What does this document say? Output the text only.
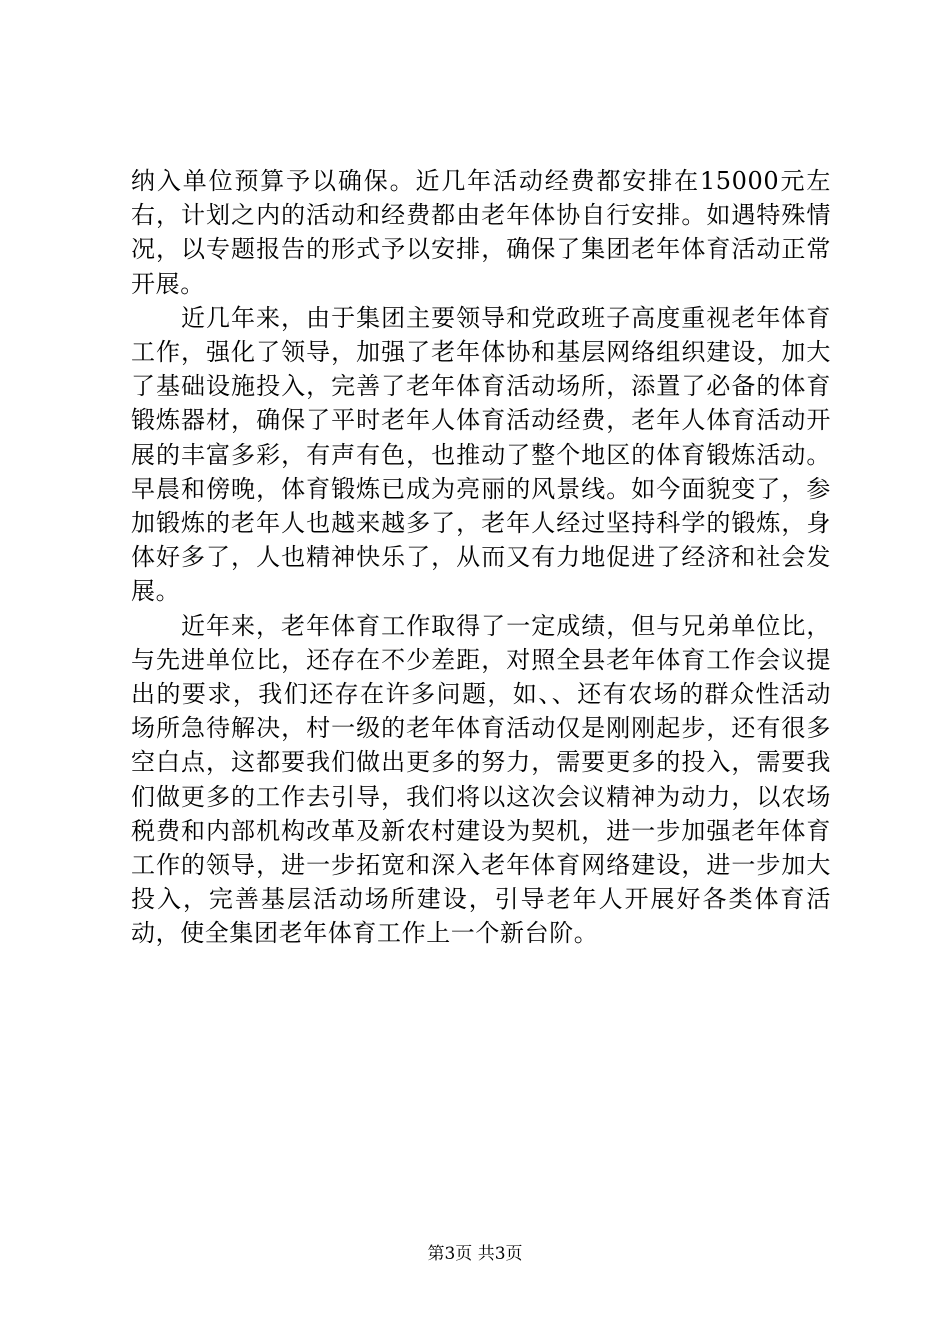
纳入单位预算予以确保。近几年活动经费都安排在15000元左右，计划之内的活动和经费都由老年体协自行安排。如遇特殊情况，以专题报告的形式予以安排，确保了集团老年体育活动正常开展。

近几年来，由于集团主要领导和党政班子高度重视老年体育工作，强化了领导，加强了老年体协和基层网络组织建设，加大了基础设施投入，完善了老年体育活动场所，添置了必备的体育锻炼器材，确保了平时老年人体育活动经费，老年人体育活动开展的丰富多彩，有声有色，也推动了整个地区的体育锻炼活动。早晨和傍晚，体育锻炼已成为亮丽的风景线。如今面貌变了，参加锻炼的老年人也越来越多了，老年人经过坚持科学的锻炼，身体好多了，人也精神快乐了，从而又有力地促进了经济和社会发展。

近年来，老年体育工作取得了一定成绩，但与兄弟单位比，与先进单位比，还存在不少差距，对照全县老年体育工作会议提出的要求，我们还存在许多问题，如、、还有农场的群众性活动场所急待解决，村一级的老年体育活动仅是刚刚起步，还有很多空白点，这都要我们做出更多的努力，需要更多的投入，需要我们做更多的工作去引导，我们将以这次会议精神为动力，以农场税费和内部机构改革及新农村建设为契机，进一步加强老年体育工作的领导，进一步拓宽和深入老年体育网络建设，进一步加大投入，完善基层活动场所建设，引导老年人开展好各类体育活动，使全集团老年体育工作上一个新台阶。

第3页 共3页
